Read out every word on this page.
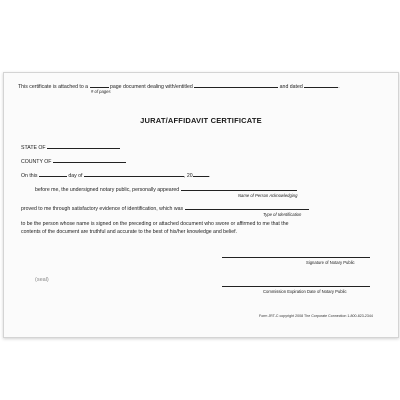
This certificate is attached to a	page document dealing with/entitled	and dated	.
# of pages
JURAT/AFFIDAVIT CERTIFICATE
STATE OF
COUNTY OF
On this	day of	, 20	.
before me, the undersigned notary public, personally appeared
Name of Person Acknowledging
proved to me through satisfactory evidence of identification, which was
Type of Identification
to be the person whose name is signed on the preceding or attached document who swore or affirmed to me that the
contents of the document are truthful and accurate to the best of his/her knowledge and belief.
Signature of Notary Public
(seal)
Commission Expiration Date of Notary Public
Form JRT-C copyright 2008 The Corporate Connection 1-800-823-2344
